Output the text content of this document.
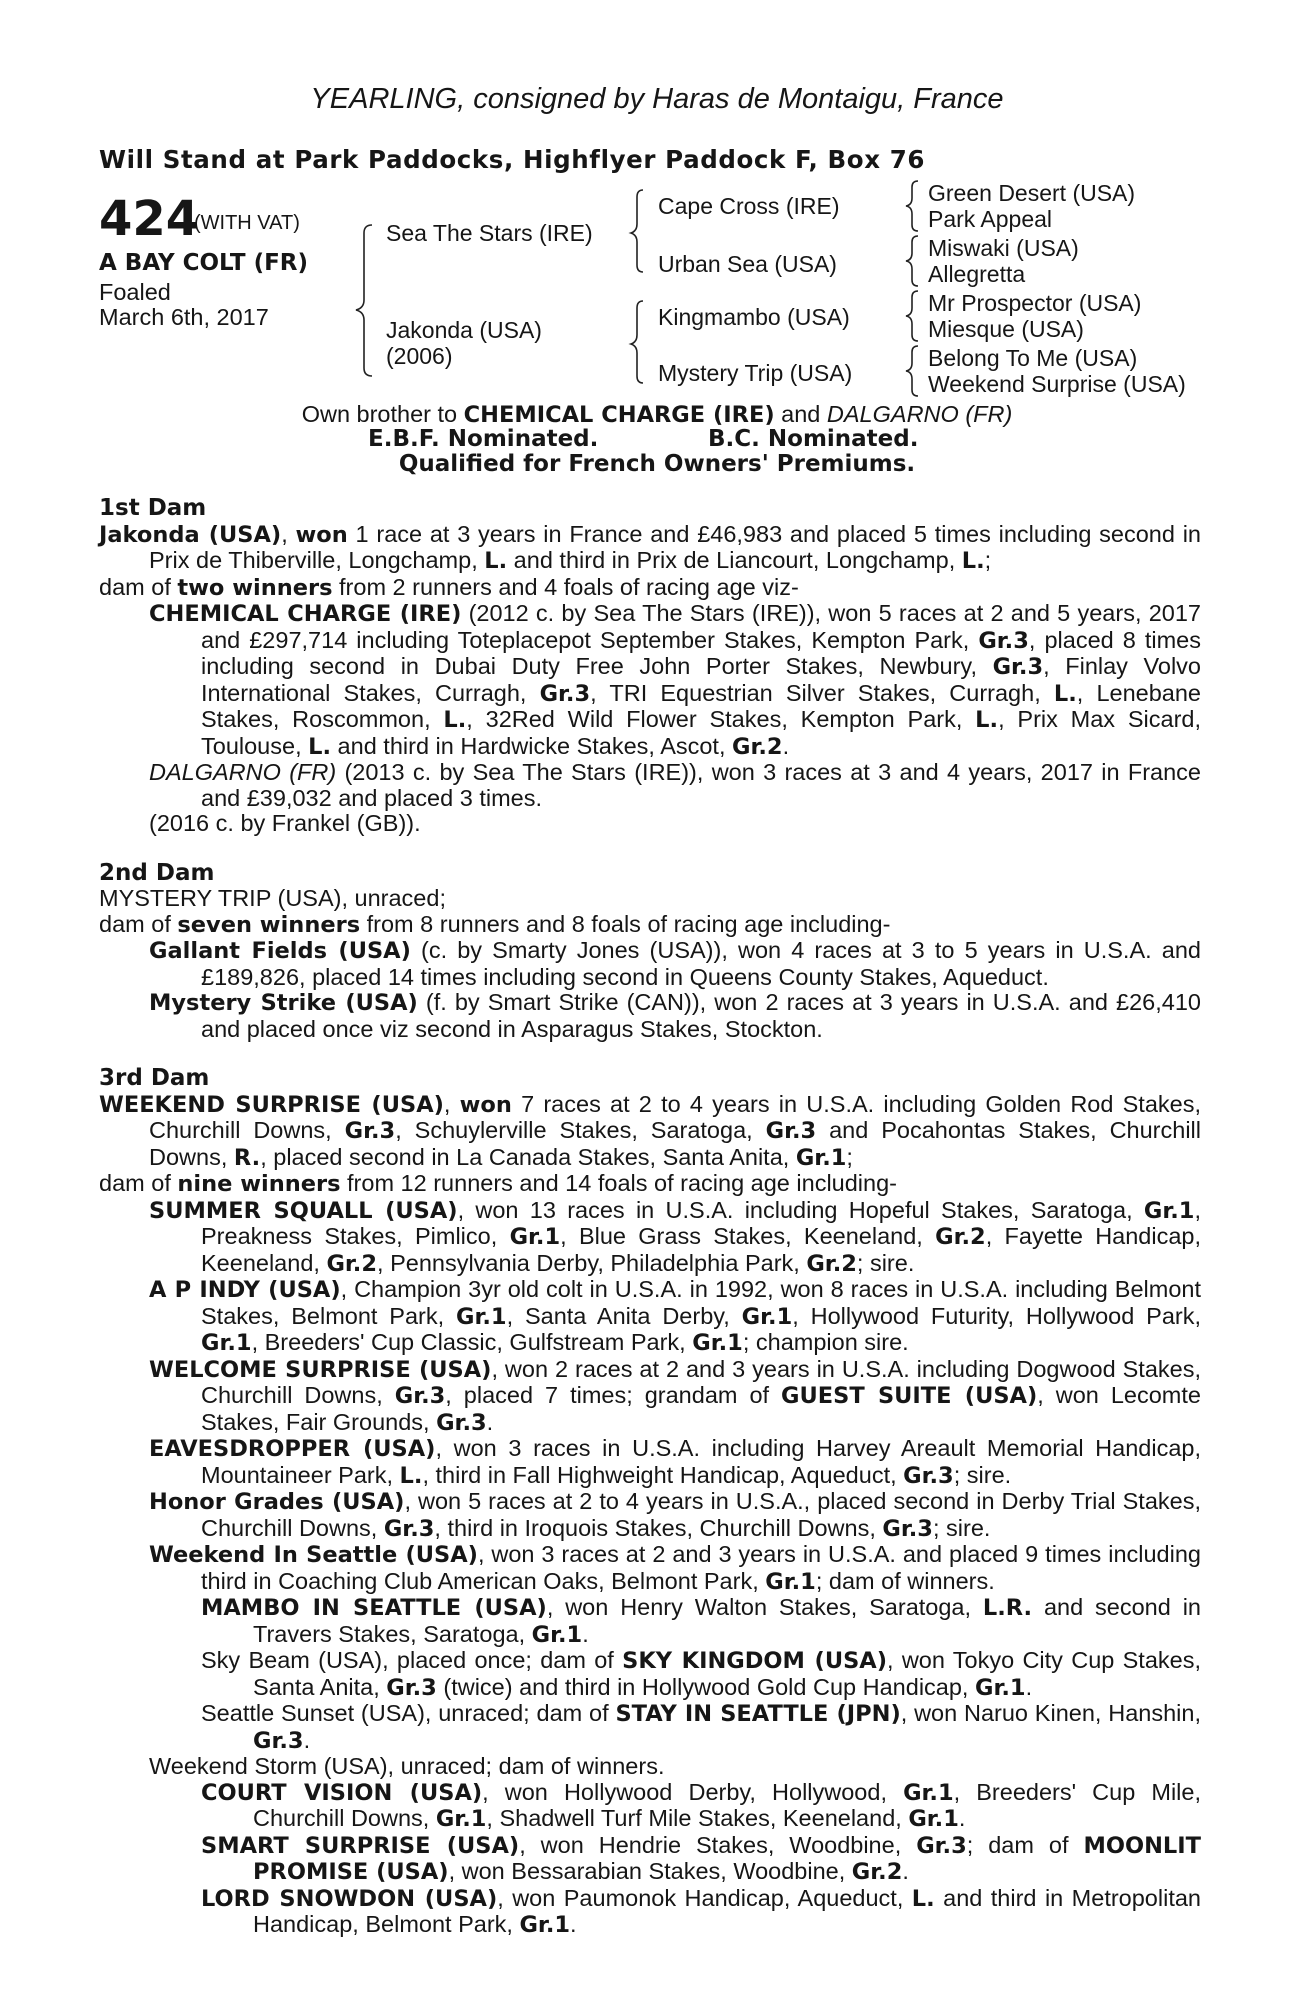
YEARLING, consigned by Haras de Montaigu, France
Will Stand at Park Paddocks, Highflyer Paddock F, Box 76
424
(WITH VAT)
A BAY COLT (FR)
Foaled
March 6th, 2017
Sea The Stars (IRE)
Jakonda (USA)
(2006)
Cape Cross (IRE)
Urban Sea (USA)
Kingmambo (USA)
Mystery Trip (USA)
Green Desert (USA)
Park Appeal
Miswaki (USA)
Allegretta
Mr Prospector (USA)
Miesque (USA)
Belong To Me (USA)
Weekend Surprise (USA)
Own brother to CHEMICAL CHARGE (IRE) and DALGARNO (FR)
E.B.F. Nominated.	B.C. Nominated.
Qualified for French Owners' Premiums.
1st Dam
Jakonda (USA), won 1 race at 3 years in France and £46,983 and placed 5 times including second in Prix de Thiberville, Longchamp, L. and third in Prix de Liancourt, Longchamp, L.;
dam of two winners from 2 runners and 4 foals of racing age viz-
CHEMICAL CHARGE (IRE) (2012 c. by Sea The Stars (IRE)), won 5 races at 2 and 5 years, 2017 and £297,714 including Toteplacepot September Stakes, Kempton Park, Gr.3, placed 8 times including second in Dubai Duty Free John Porter Stakes, Newbury, Gr.3, Finlay Volvo International Stakes, Curragh, Gr.3, TRI Equestrian Silver Stakes, Curragh, L., Lenebane Stakes, Roscommon, L., 32Red Wild Flower Stakes, Kempton Park, L., Prix Max Sicard, Toulouse, L. and third in Hardwicke Stakes, Ascot, Gr.2.
DALGARNO (FR) (2013 c. by Sea The Stars (IRE)), won 3 races at 3 and 4 years, 2017 in France and £39,032 and placed 3 times.
(2016 c. by Frankel (GB)).
2nd Dam
MYSTERY TRIP (USA), unraced;
dam of seven winners from 8 runners and 8 foals of racing age including-
Gallant Fields (USA) (c. by Smarty Jones (USA)), won 4 races at 3 to 5 years in U.S.A. and £189,826, placed 14 times including second in Queens County Stakes, Aqueduct.
Mystery Strike (USA) (f. by Smart Strike (CAN)), won 2 races at 3 years in U.S.A. and £26,410 and placed once viz second in Asparagus Stakes, Stockton.
3rd Dam
WEEKEND SURPRISE (USA), won 7 races at 2 to 4 years in U.S.A. including Golden Rod Stakes, Churchill Downs, Gr.3, Schuylerville Stakes, Saratoga, Gr.3 and Pocahontas Stakes, Churchill Downs, R., placed second in La Canada Stakes, Santa Anita, Gr.1;
dam of nine winners from 12 runners and 14 foals of racing age including-
SUMMER SQUALL (USA), won 13 races in U.S.A. including Hopeful Stakes, Saratoga, Gr.1, Preakness Stakes, Pimlico, Gr.1, Blue Grass Stakes, Keeneland, Gr.2, Fayette Handicap, Keeneland, Gr.2, Pennsylvania Derby, Philadelphia Park, Gr.2; sire.
A P INDY (USA), Champion 3yr old colt in U.S.A. in 1992, won 8 races in U.S.A. including Belmont Stakes, Belmont Park, Gr.1, Santa Anita Derby, Gr.1, Hollywood Futurity, Hollywood Park, Gr.1, Breeders' Cup Classic, Gulfstream Park, Gr.1; champion sire.
WELCOME SURPRISE (USA), won 2 races at 2 and 3 years in U.S.A. including Dogwood Stakes, Churchill Downs, Gr.3, placed 7 times; grandam of GUEST SUITE (USA), won Lecomte Stakes, Fair Grounds, Gr.3.
EAVESDROPPER (USA), won 3 races in U.S.A. including Harvey Areault Memorial Handicap, Mountaineer Park, L., third in Fall Highweight Handicap, Aqueduct, Gr.3; sire.
Honor Grades (USA), won 5 races at 2 to 4 years in U.S.A., placed second in Derby Trial Stakes, Churchill Downs, Gr.3, third in Iroquois Stakes, Churchill Downs, Gr.3; sire.
Weekend In Seattle (USA), won 3 races at 2 and 3 years in U.S.A. and placed 9 times including third in Coaching Club American Oaks, Belmont Park, Gr.1; dam of winners.
MAMBO IN SEATTLE (USA), won Henry Walton Stakes, Saratoga, L.R. and second in Travers Stakes, Saratoga, Gr.1.
Sky Beam (USA), placed once; dam of SKY KINGDOM (USA), won Tokyo City Cup Stakes, Santa Anita, Gr.3 (twice) and third in Hollywood Gold Cup Handicap, Gr.1.
Seattle Sunset (USA), unraced; dam of STAY IN SEATTLE (JPN), won Naruo Kinen, Hanshin, Gr.3.
Weekend Storm (USA), unraced; dam of winners.
COURT VISION (USA), won Hollywood Derby, Hollywood, Gr.1, Breeders' Cup Mile, Churchill Downs, Gr.1, Shadwell Turf Mile Stakes, Keeneland, Gr.1.
SMART SURPRISE (USA), won Hendrie Stakes, Woodbine, Gr.3; dam of MOONLIT PROMISE (USA), won Bessarabian Stakes, Woodbine, Gr.2.
LORD SNOWDON (USA), won Paumonok Handicap, Aqueduct, L. and third in Metropolitan Handicap, Belmont Park, Gr.1.
